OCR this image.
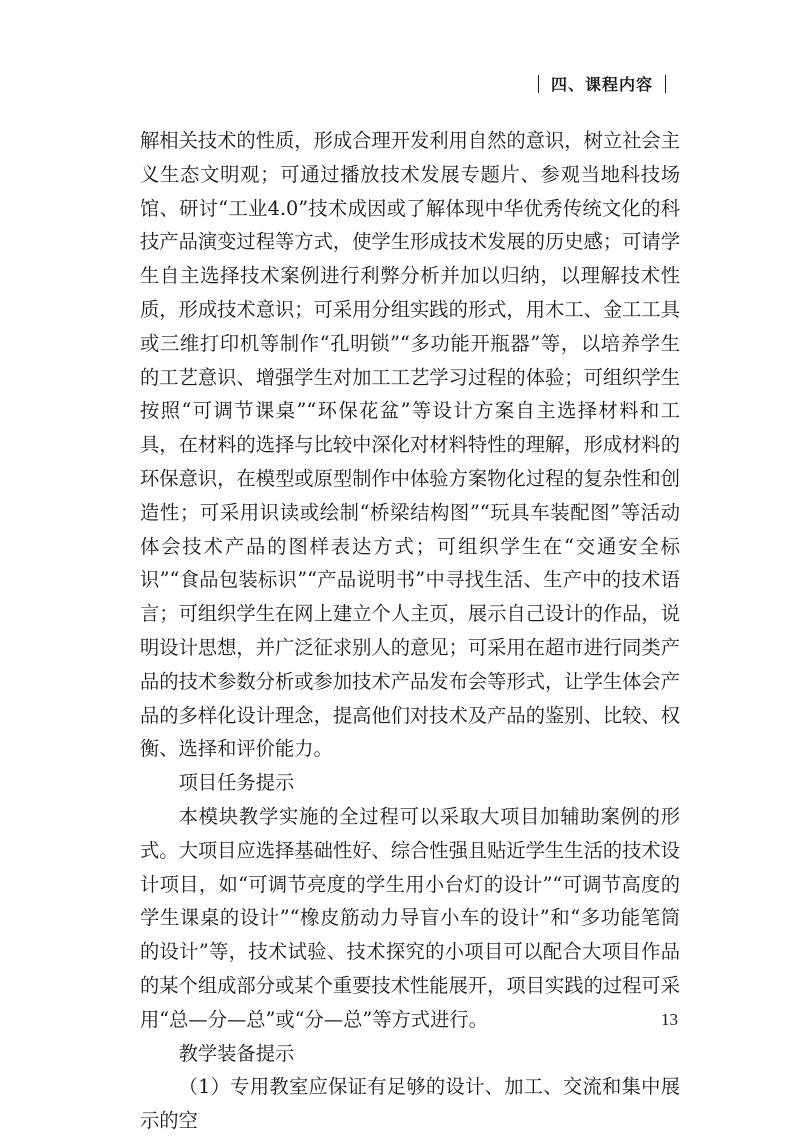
四、课程内容

解相关技术的性质，形成合理开发利用自然的意识，树立社会主义生态文明观；可通过播放技术发展专题片、参观当地科技场馆、研讨“工业4.0”技术成因或了解体现中华优秀传统文化的科技产品演变过程等方式，使学生形成技术发展的历史感；可请学生自主选择技术案例进行利弊分析并加以归纳，以理解技术性质，形成技术意识；可采用分组实践的形式，用木工、金工工具或三维打印机等制作“孔明锁”“多功能开瓶器”等，以培养学生的工艺意识、增强学生对加工工艺学习过程的体验；可组织学生按照“可调节课桌”“环保花盆”等设计方案自主选择材料和工具，在材料的选择与比较中深化对材料特性的理解，形成材料的环保意识，在模型或原型制作中体验方案物化过程的复杂性和创造性；可采用识读或绘制“桥梁结构图”“玩具车装配图”等活动体会技术产品的图样表达方式；可组织学生在“交通安全标识”“食品包装标识”“产品说明书”中寻找生活、生产中的技术语言；可组织学生在网上建立个人主页，展示自己设计的作品，说明设计思想，并广泛征求别人的意见；可采用在超市进行同类产品的技术参数分析或参加技术产品发布会等形式，让学生体会产品的多样化设计理念，提高他们对技术及产品的鉴别、比较、权衡、选择和评价能力。

项目任务提示

本模块教学实施的全过程可以采取大项目加辅助案例的形式。大项目应选择基础性好、综合性强且贴近学生生活的技术设计项目，如“可调节亮度的学生用小台灯的设计”“可调节高度的学生课桌的设计”“橡皮筋动力导盲小车的设计”和“多功能笔筒的设计”等，技术试验、技术探究的小项目可以配合大项目作品的某个组成部分或某个重要技术性能展开，项目实践的过程可采用“总—分—总”或“分—总”等方式进行。

教学装备提示

（1）专用教室应保证有足够的设计、加工、交流和集中展示的空

13
